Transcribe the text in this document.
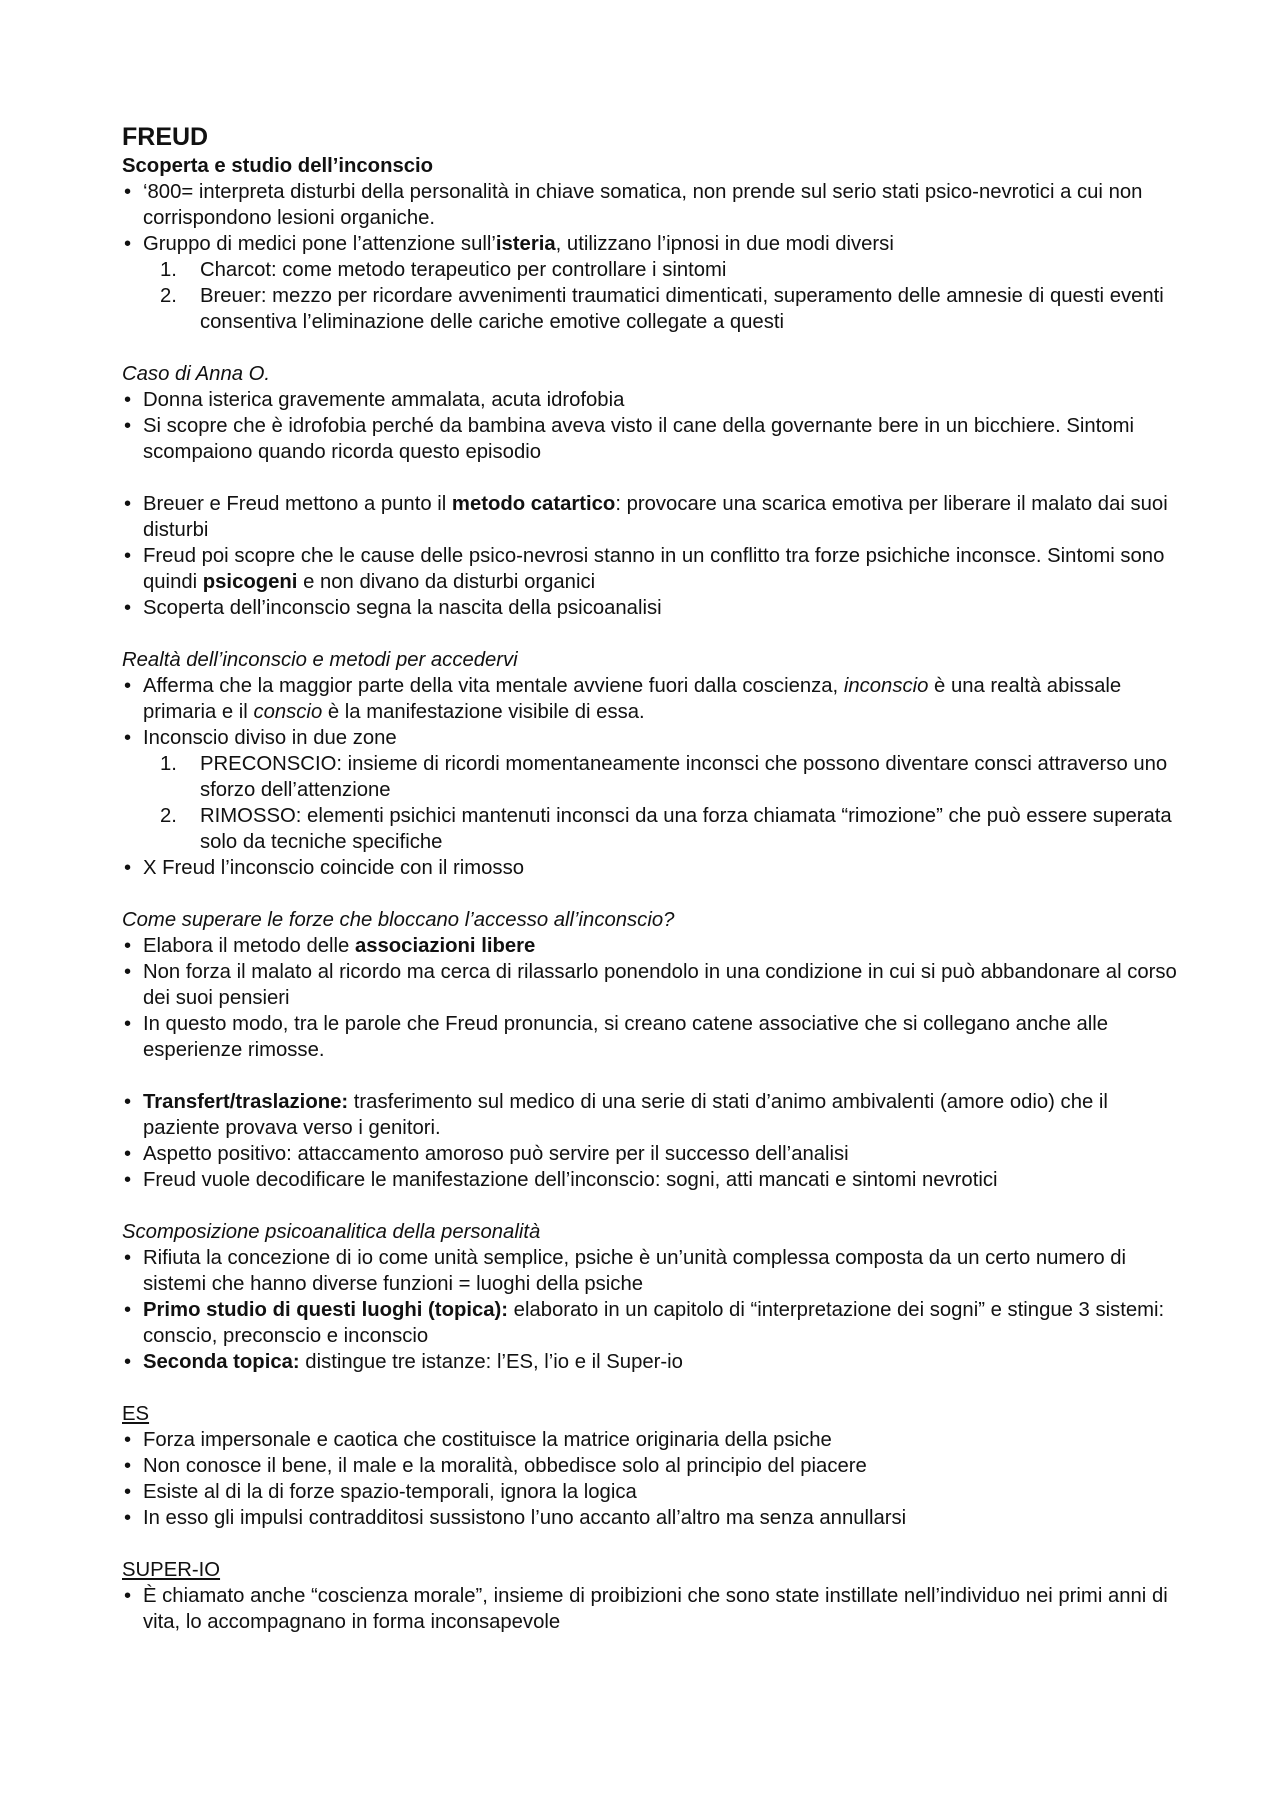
FREUD
Scoperta e studio dell’inconscio
• ‘800= interpreta disturbi della personalità in chiave somatica, non prende sul serio stati psico-nevrotici a cui non corrispondono lesioni organiche.
• Gruppo di medici pone l’attenzione sull’isteria, utilizzano l’ipnosi in due modi diversi
1. Charcot: come metodo terapeutico per controllare i sintomi
2. Breuer: mezzo per ricordare avvenimenti traumatici dimenticati, superamento delle amnesie di questi eventi consentiva l’eliminazione delle cariche emotive collegate a questi
Caso di Anna O.
• Donna isterica gravemente ammalata, acuta idrofobia
• Si scopre che è idrofobia perché da bambina aveva visto il cane della governante bere in un bicchiere. Sintomi scompaiono quando ricorda questo episodio
• Breuer e Freud mettono a punto il metodo catartico: provocare una scarica emotiva per liberare il malato dai suoi disturbi
• Freud poi scopre che le cause delle psico-nevrosi stanno in un conflitto tra forze psichiche inconsce. Sintomi sono quindi psicogeni e non divano da disturbi organici
• Scoperta dell’inconscio segna la nascita della psicoanalisi
Realtà dell’inconscio e metodi per accedervi
• Afferma che la maggior parte della vita mentale avviene fuori dalla coscienza, inconscio è una realtà abissale primaria e il conscio è la manifestazione visibile di essa.
• Inconscio diviso in due zone
1. PRECONSCIO: insieme di ricordi momentaneamente inconsci che possono diventare consci attraverso uno sforzo dell’attenzione
2. RIMOSSO: elementi psichici mantenuti inconsci da una forza chiamata “rimozione” che può essere superata solo da tecniche specifiche
• X Freud l’inconscio coincide con il rimosso
Come superare le forze che bloccano l’accesso all’inconscio?
• Elabora il metodo delle associazioni libere
• Non forza il malato al ricordo ma cerca di rilassarlo ponendolo in una condizione in cui si può abbandonare al corso dei suoi pensieri
• In questo modo, tra le parole che Freud pronuncia, si creano catene associative che si collegano anche alle esperienze rimosse.
• Transfert/traslazione: trasferimento sul medico di una serie di stati d’animo ambivalenti (amore odio) che il paziente provava verso i genitori.
• Aspetto positivo: attaccamento amoroso può servire per il successo dell’analisi
• Freud vuole decodificare le manifestazione dell’inconscio: sogni, atti mancati e sintomi nevrotici
Scomposizione psicoanalitica della personalità
• Rifiuta la concezione di io come unità semplice, psiche è un’unità complessa composta da un certo numero di sistemi che hanno diverse funzioni = luoghi della psiche
• Primo studio di questi luoghi (topica): elaborato in un capitolo di “interpretazione dei sogni” e stingue 3 sistemi: conscio, preconscio e inconscio
• Seconda topica: distingue tre istanze: l’ES, l’io e il Super-io
ES
• Forza impersonale e caotica che costituisce la matrice originaria della psiche
• Non conosce il bene, il male e la moralità, obbedisce solo al principio del piacere
• Esiste al di la di forze spazio-temporali, ignora la logica
• In esso gli impulsi contradditosi sussistono l’uno accanto all’altro ma senza annullarsi
SUPER-IO
• È chiamato anche “coscienza morale”, insieme di proibizioni che sono state instillate nell’individuo nei primi anni di vita, lo accompagnano in forma inconsapevole
